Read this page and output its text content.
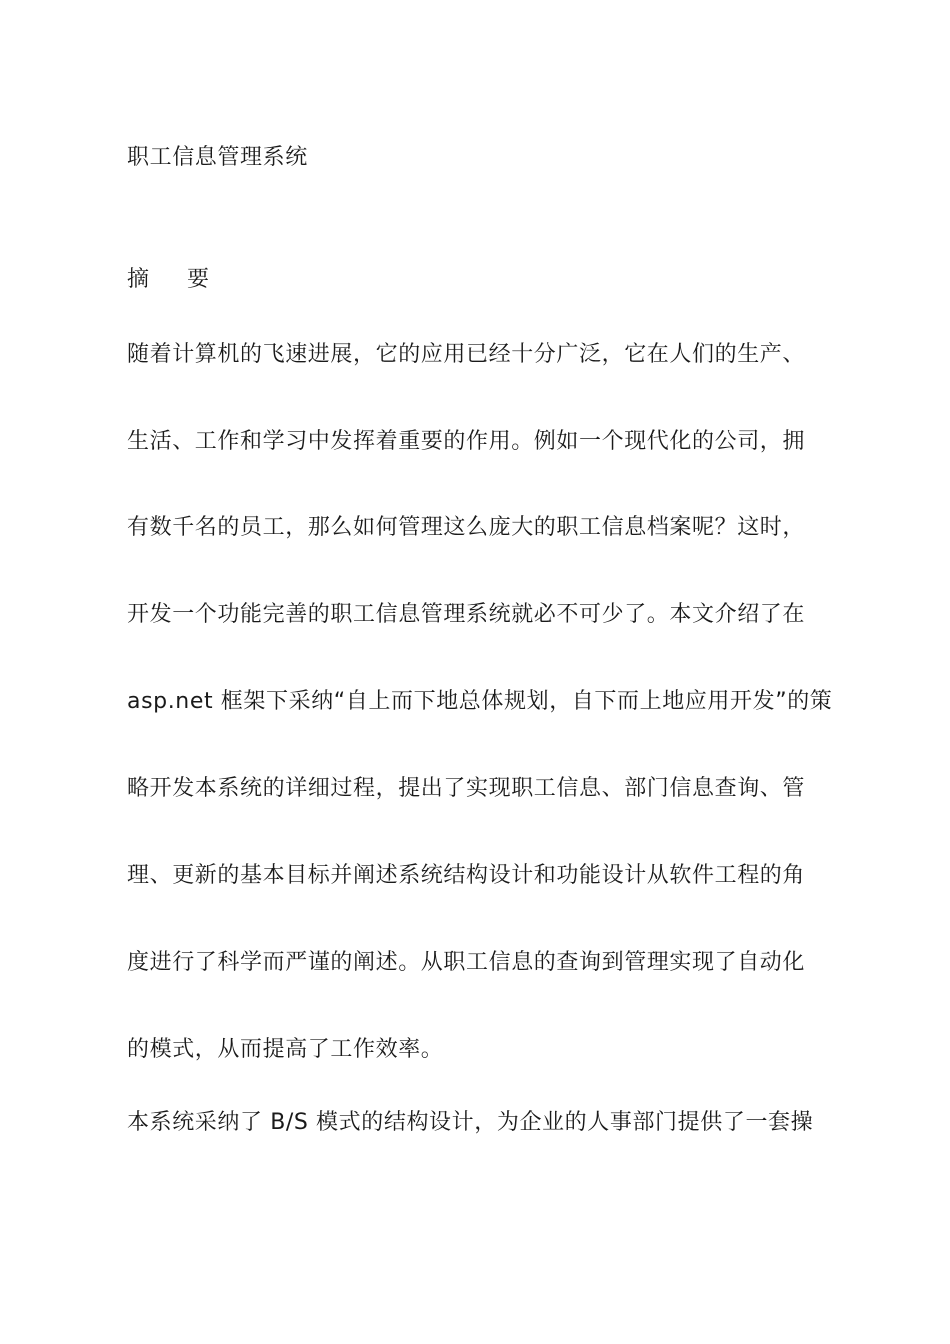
职工信息管理系统
摘 要
随着计算机的飞速进展，它的应用已经十分广泛，它在人们的生产、
生活、工作和学习中发挥着重要的作用。例如一个现代化的公司，拥
有数千名的员工，那么如何管理这么庞大的职工信息档案呢？这时，
开发一个功能完善的职工信息管理系统就必不可少了。本文介绍了在
asp.net 框架下采纳“自上而下地总体规划，自下而上地应用开发”的策
略开发本系统的详细过程，提出了实现职工信息、部门信息查询、管
理、更新的基本目标并阐述系统结构设计和功能设计从软件工程的角
度进行了科学而严谨的阐述。从职工信息的查询到管理实现了自动化
的模式，从而提高了工作效率。
本系统采纳了 B/S 模式的结构设计，为企业的人事部门提供了一套操
